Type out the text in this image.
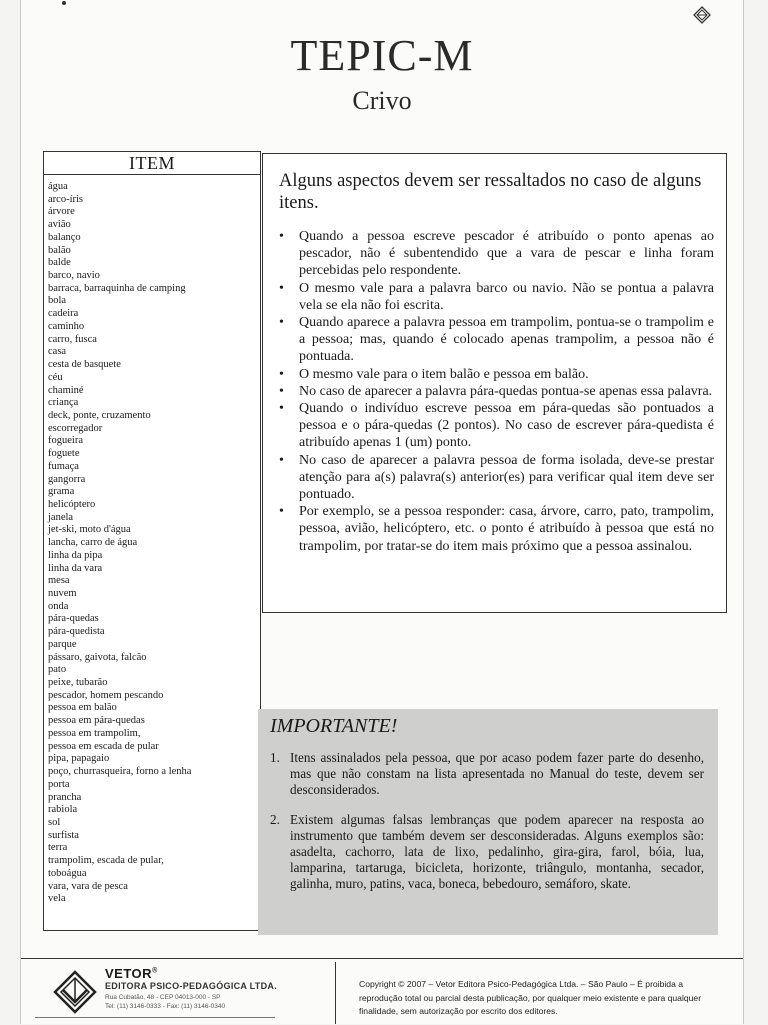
TEPIC-M
Crivo
ITEM
água
arco-íris
árvore
avião
balanço
balão
balde
barco, navio
barraca, barraquinha de camping
bola
cadeira
caminho
carro, fusca
casa
cesta de basquete
céu
chaminé
criança
deck, ponte, cruzamento
escorregador
fogueira
foguete
fumaça
gangorra
grama
helicóptero
janela
jet-ski, moto d'água
lancha, carro de água
linha da pipa
linha da vara
mesa
nuvem
onda
pára-quedas
pára-quedista
parque
pássaro, gaivota, falcão
pato
peixe, tubarão
pescador, homem pescando
pessoa em balão
pessoa em pára-quedas
pessoa em trampolim,
pessoa em escada de pular
pipa, papagaio
poço, churrasqueira, forno a lenha
porta
prancha
rabiola
sol
surfista
terra
trampolim, escada de pular,
toboágua
vara, vara de pesca
vela
Alguns aspectos devem ser ressaltados no caso de alguns itens.
• Quando a pessoa escreve pescador é atribuído o ponto apenas ao pescador, não é subentendido que a vara de pescar e linha foram percebidas pelo respondente.
• O mesmo vale para a palavra barco ou navio. Não se pontua a palavra vela se ela não foi escrita.
• Quando aparece a palavra pessoa em trampolim, pontua-se o trampolim e a pessoa; mas, quando é colocado apenas trampolim, a pessoa não é pontuada.
• O mesmo vale para o item balão e pessoa em balão.
• No caso de aparecer a palavra pára-quedas pontua-se apenas essa palavra.
• Quando o indivíduo escreve pessoa em pára-quedas são pontuados a pessoa e o pára-quedas (2 pontos). No caso de escrever pára-quedista é atribuído apenas 1 (um) ponto.
• No caso de aparecer a palavra pessoa de forma isolada, deve-se prestar atenção para a(s) palavra(s) anterior(es) para verificar qual item deve ser pontuado.
• Por exemplo, se a pessoa responder: casa, árvore, carro, pato, trampolim, pessoa, avião, helicóptero, etc. o ponto é atribuído à pessoa que está no trampolim, por tratar-se do item mais próximo que a pessoa assinalou.
IMPORTANTE!
1. Itens assinalados pela pessoa, que por acaso podem fazer parte do desenho, mas que não constam na lista apresentada no Manual do teste, devem ser desconsiderados.
2. Existem algumas falsas lembranças que podem aparecer na resposta ao instrumento que também devem ser desconsideradas. Alguns exemplos são: asadelta, cachorro, lata de lixo, pedalinho, gira-gira, farol, bóia, lua, lamparina, tartaruga, bicicleta, horizonte, triângulo, montanha, secador, galinha, muro, patins, vaca, boneca, bebedouro, semáforo, skate.
VETOR®
EDITORA PSICO-PEDAGÓGICA LTDA.
Rua Cubatão, 48 - CEP 04013-000 - SP
Tel: (11) 3146-0333 - Fax: (11) 3146-0340
Copyright © 2007 – Vetor Editora Psico-Pedagógica Ltda. – São Paulo – É proibida a reprodução total ou parcial desta publicação, por qualquer meio existente e para qualquer finalidade, sem autorização por escrito dos editores.
